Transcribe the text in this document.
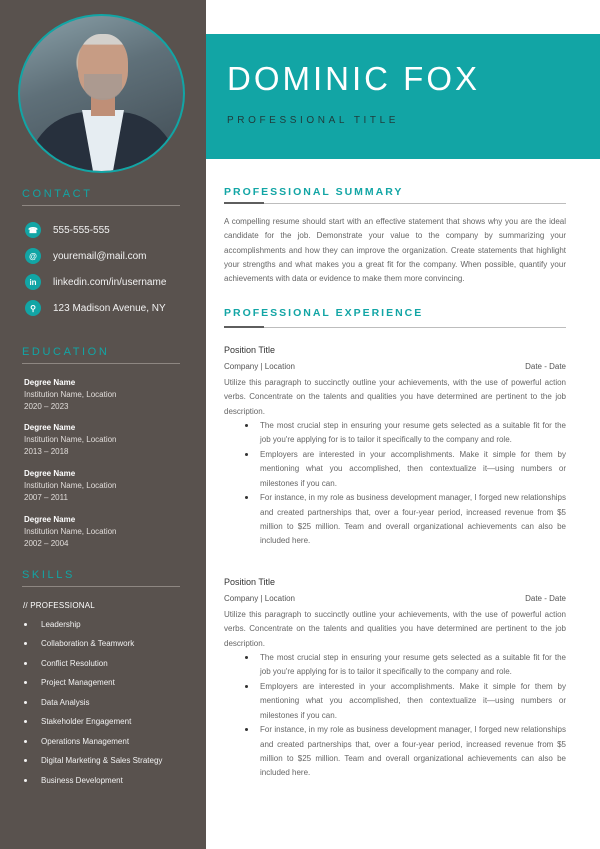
CONTACT
☎	555-555-555
@	youremail@mail.com
in	linkedin.com/in/username
⚲	123 Madison Avenue, NY
EDUCATION
Degree Name
Institution Name, Location
2020 – 2023
Degree Name
Institution Name, Location
2013 – 2018
Degree Name
Institution Name, Location
2007 – 2011
Degree Name
Institution Name, Location
2002 – 2004
SKILLS
// PROFESSIONAL
Leadership
Collaboration & Teamwork
Conflict Resolution
Project Management
Data Analysis
Stakeholder Engagement
Operations Management
Digital Marketing & Sales Strategy
Business Development
DOMINIC FOX
PROFESSIONAL TITLE
PROFESSIONAL SUMMARY
A compelling resume should start with an effective statement that shows why you are the ideal candidate for the job. Demonstrate your value to the company by summarizing your accomplishments and how they can improve the organization. Create statements that highlight your strengths and what makes you a great fit for the company. When possible, quantify your achievements with data or evidence to make them more convincing.
PROFESSIONAL EXPERIENCE
Position Title
Company | Location	Date - Date
Utilize this paragraph to succinctly outline your achievements, with the use of powerful action verbs. Concentrate on the talents and qualities you have determined are pertinent to the job description.
The most crucial step in ensuring your resume gets selected as a suitable fit for the job you're applying for is to tailor it specifically to the company and role.
Employers are interested in your accomplishments. Make it simple for them by mentioning what you accomplished, then contextualize it—using numbers or milestones if you can.
For instance, in my role as business development manager, I forged new relationships and created partnerships that, over a four-year period, increased revenue from $5 million to $25 million. Team and overall organizational achievements can also be included here.
Position Title
Company | Location	Date - Date
Utilize this paragraph to succinctly outline your achievements, with the use of powerful action verbs. Concentrate on the talents and qualities you have determined are pertinent to the job description.
The most crucial step in ensuring your resume gets selected as a suitable fit for the job you're applying for is to tailor it specifically to the company and role.
Employers are interested in your accomplishments. Make it simple for them by mentioning what you accomplished, then contextualize it—using numbers or milestones if you can.
For instance, in my role as business development manager, I forged new relationships and created partnerships that, over a four-year period, increased revenue from $5 million to $25 million. Team and overall organizational achievements can also be included here.
